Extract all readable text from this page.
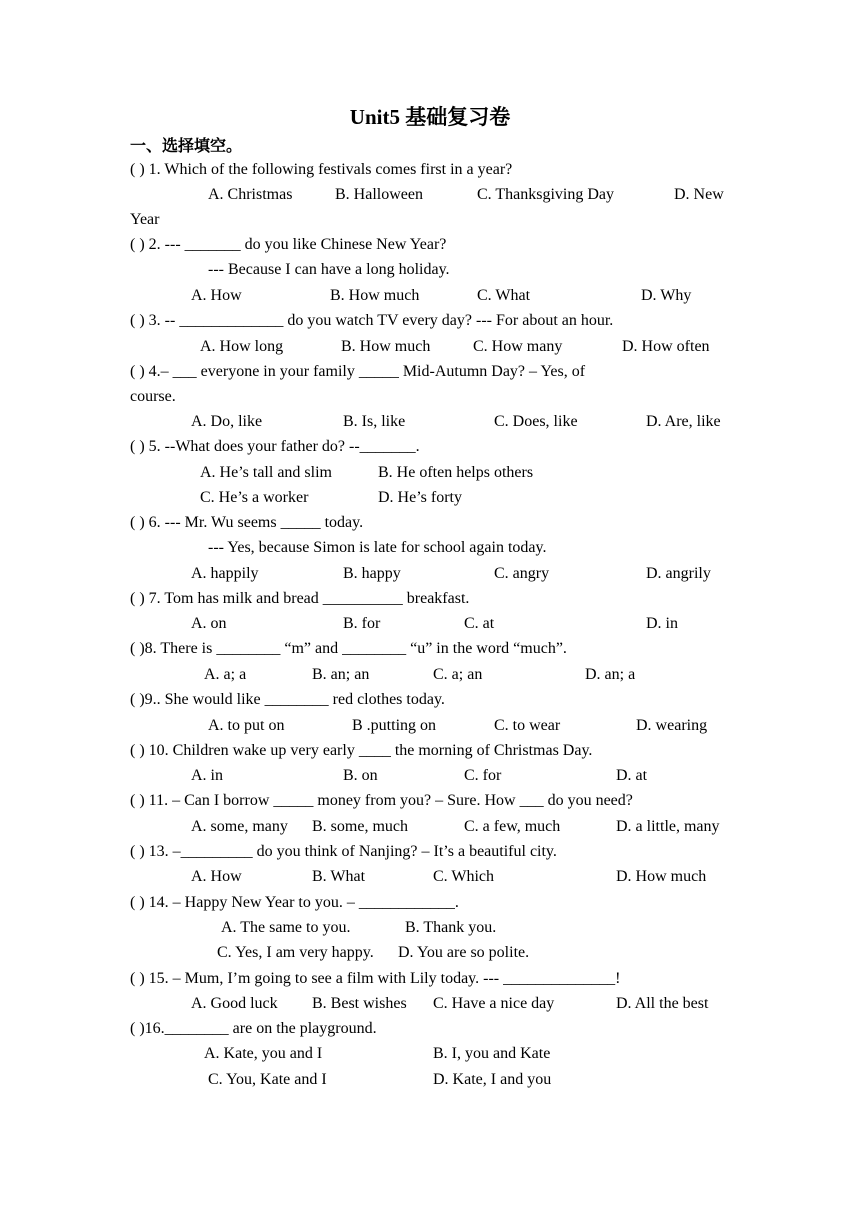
Unit5 基础复习卷
一、选择填空。
( ) 1. Which of the following festivals comes first in a year?
A. Christmas	B. Halloween	C. Thanksgiving Day	D. New
Year
( ) 2. --- _______ do you like Chinese New Year?
--- Because I can have a long holiday.
A. How	B. How much	C. What	D. Why
( ) 3. -- _____________ do you watch TV every day? --- For about an hour.
A. How long	B. How much	C. How many	D. How often
( ) 4.– ___ everyone in your family _____ Mid-Autumn Day? – Yes, of
course.
A. Do, like	B. Is, like	C. Does, like	D. Are, like
( ) 5. --What does your father do? --_______.
A. He’s tall and slim	B. He often helps others
C. He’s a worker	D. He’s forty
( ) 6. --- Mr. Wu seems _____ today.
--- Yes, because Simon is late for school again today.
A. happily	B. happy	C. angry	D. angrily
( ) 7. Tom has milk and bread __________ breakfast.
A. on	B. for	C. at	D. in
( )8. There is ________ “m” and ________ “u” in the word “much”.
A. a; a	B. an; an	C. a; an	D. an; a
( )9.. She would like ________ red clothes today.
A. to put on	B .putting on	C. to wear	D. wearing
( ) 10. Children wake up very early ____ the morning of Christmas Day.
A. in	B. on	C. for	D. at
( ) 11. – Can I borrow _____ money from you? – Sure. How ___ do you need?
A. some, many B. some, much	C. a few, much	D. a little, many
( ) 13. –_________ do you think of Nanjing? – It’s a beautiful city.
A. How	B. What	C. Which	D. How much
( ) 14. – Happy New Year to you. – ____________.
A. The same to you.	B. Thank you.
C. Yes, I am very happy. D. You are so polite.
( ) 15. – Mum, I’m going to see a film with Lily today. --- ______________!
A. Good luck B. Best wishes C. Have a nice day	D. All the best
( )16.________ are on the playground.
A. Kate, you and I	B. I, you and Kate
C. You, Kate and I	D. Kate, I and you
